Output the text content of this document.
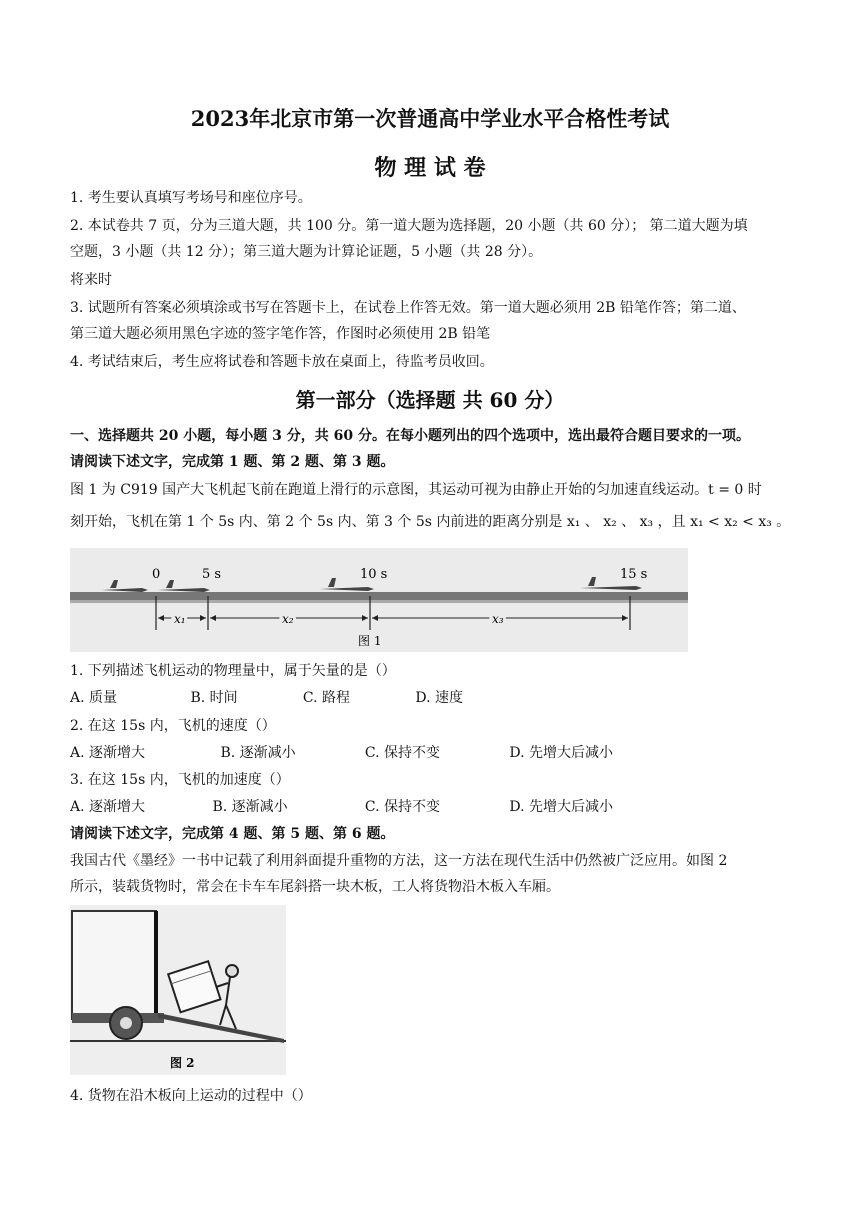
2023年北京市第一次普通高中学业水平合格性考试
物 理 试 卷
1. 考生要认真填写考场号和座位序号。
2. 本试卷共 7 页，分为三道大题，共 100 分。第一道大题为选择题，20 小题（共 60 分）； 第二道大题为填
空题，3 小题（共 12 分）；第三道大题为计算论证题，5 小题（共 28 分）。
将来时
3. 试题所有答案必须填涂或书写在答题卡上，在试卷上作答无效。第一道大题必须用 2B 铅笔作答；第二道、
第三道大题必须用黑色字迹的签字笔作答，作图时必须使用 2B 铅笔
4. 考试结束后，考生应将试卷和答题卡放在桌面上，待监考员收回。
第一部分（选择题 共 60 分）
一、选择题共 20 小题，每小题 3 分，共 60 分。在每小题列出的四个选项中，选出最符合题目要求的一项。
请阅读下述文字，完成第 1 题、第 2 题、第 3 题。
图 1 为 C919 国产大飞机起飞前在跑道上滑行的示意图，其运动可视为由静止开始的匀加速直线运动。t = 0 时
刻开始，飞机在第 1 个 5s 内、第 2 个 5s 内、第 3 个 5s 内前进的距离分别是 x₁ 、 x₂ 、 x₃ ，且 x₁ < x₂ < x₃ 。
0	5 s	10 s	15 s
x₁	x₂	x₃
图 1
1. 下列描述飞机运动的物理量中，属于矢量的是（）
A. 质量	B. 时间	C. 路程	D. 速度
2. 在这 15s 内，飞机的速度（）
A. 逐渐增大	B. 逐渐减小	C. 保持不变	D. 先增大后减小
3. 在这 15s 内，飞机的加速度（）
A. 逐渐增大	B. 逐渐减小	C. 保持不变	D. 先增大后减小
请阅读下述文字，完成第 4 题、第 5 题、第 6 题。
我国古代《墨经》一书中记载了利用斜面提升重物的方法，这一方法在现代生活中仍然被广泛应用。如图 2
所示，装载货物时，常会在卡车车尾斜搭一块木板，工人将货物沿木板入车厢。
图 2
4. 货物在沿木板向上运动的过程中（）
